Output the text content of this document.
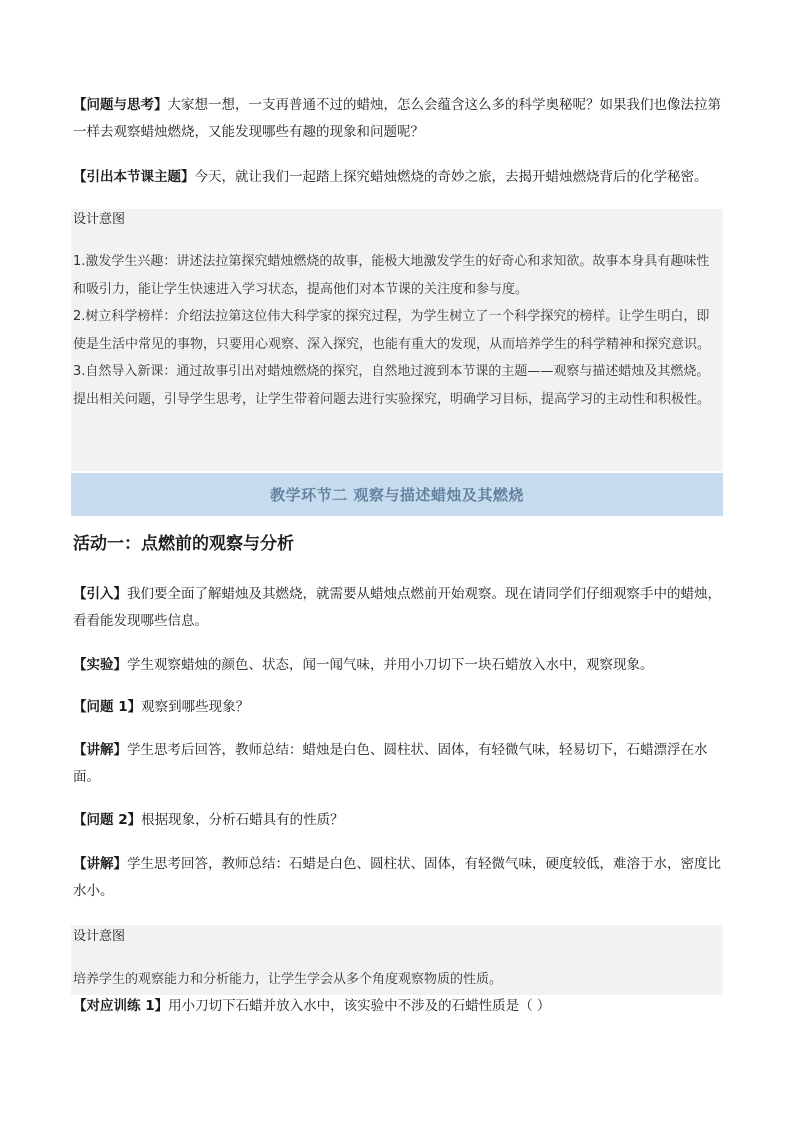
【问题与思考】大家想一想，一支再普通不过的蜡烛，怎么会蕴含这么多的科学奥秘呢？如果我们也像法拉第一样去观察蜡烛燃烧，又能发现哪些有趣的现象和问题呢？

【引出本节课主题】今天，就让我们一起踏上探究蜡烛燃烧的奇妙之旅，去揭开蜡烛燃烧背后的化学秘密。

设计意图
1.激发学生兴趣：讲述法拉第探究蜡烛燃烧的故事，能极大地激发学生的好奇心和求知欲。故事本身具有趣味性和吸引力，能让学生快速进入学习状态，提高他们对本节课的关注度和参与度。
2.树立科学榜样：介绍法拉第这位伟大科学家的探究过程，为学生树立了一个科学探究的榜样。让学生明白，即使是生活中常见的事物，只要用心观察、深入探究，也能有重大的发现，从而培养学生的科学精神和探究意识。
3.自然导入新课：通过故事引出对蜡烛燃烧的探究，自然地过渡到本节课的主题——观察与描述蜡烛及其燃烧。提出相关问题，引导学生思考，让学生带着问题去进行实验探究，明确学习目标，提高学习的主动性和积极性。
教学环节二 观察与描述蜡烛及其燃烧
活动一：点燃前的观察与分析

【引入】我们要全面了解蜡烛及其燃烧，就需要从蜡烛点燃前开始观察。现在请同学们仔细观察手中的蜡烛，看看能发现哪些信息。

【实验】学生观察蜡烛的颜色、状态，闻一闻气味，并用小刀切下一块石蜡放入水中，观察现象。

【问题 1】观察到哪些现象？

【讲解】学生思考后回答，教师总结：蜡烛是白色、圆柱状、固体，有轻微气味，轻易切下，石蜡漂浮在水面。

【问题 2】根据现象，分析石蜡具有的性质？

【讲解】学生思考回答，教师总结：石蜡是白色、圆柱状、固体，有轻微气味，硬度较低，难溶于水，密度比水小。

设计意图
培养学生的观察能力和分析能力，让学生学会从多个角度观察物质的性质。

【对应训练 1】用小刀切下石蜡并放入水中，该实验中不涉及的石蜡性质是（ ）
